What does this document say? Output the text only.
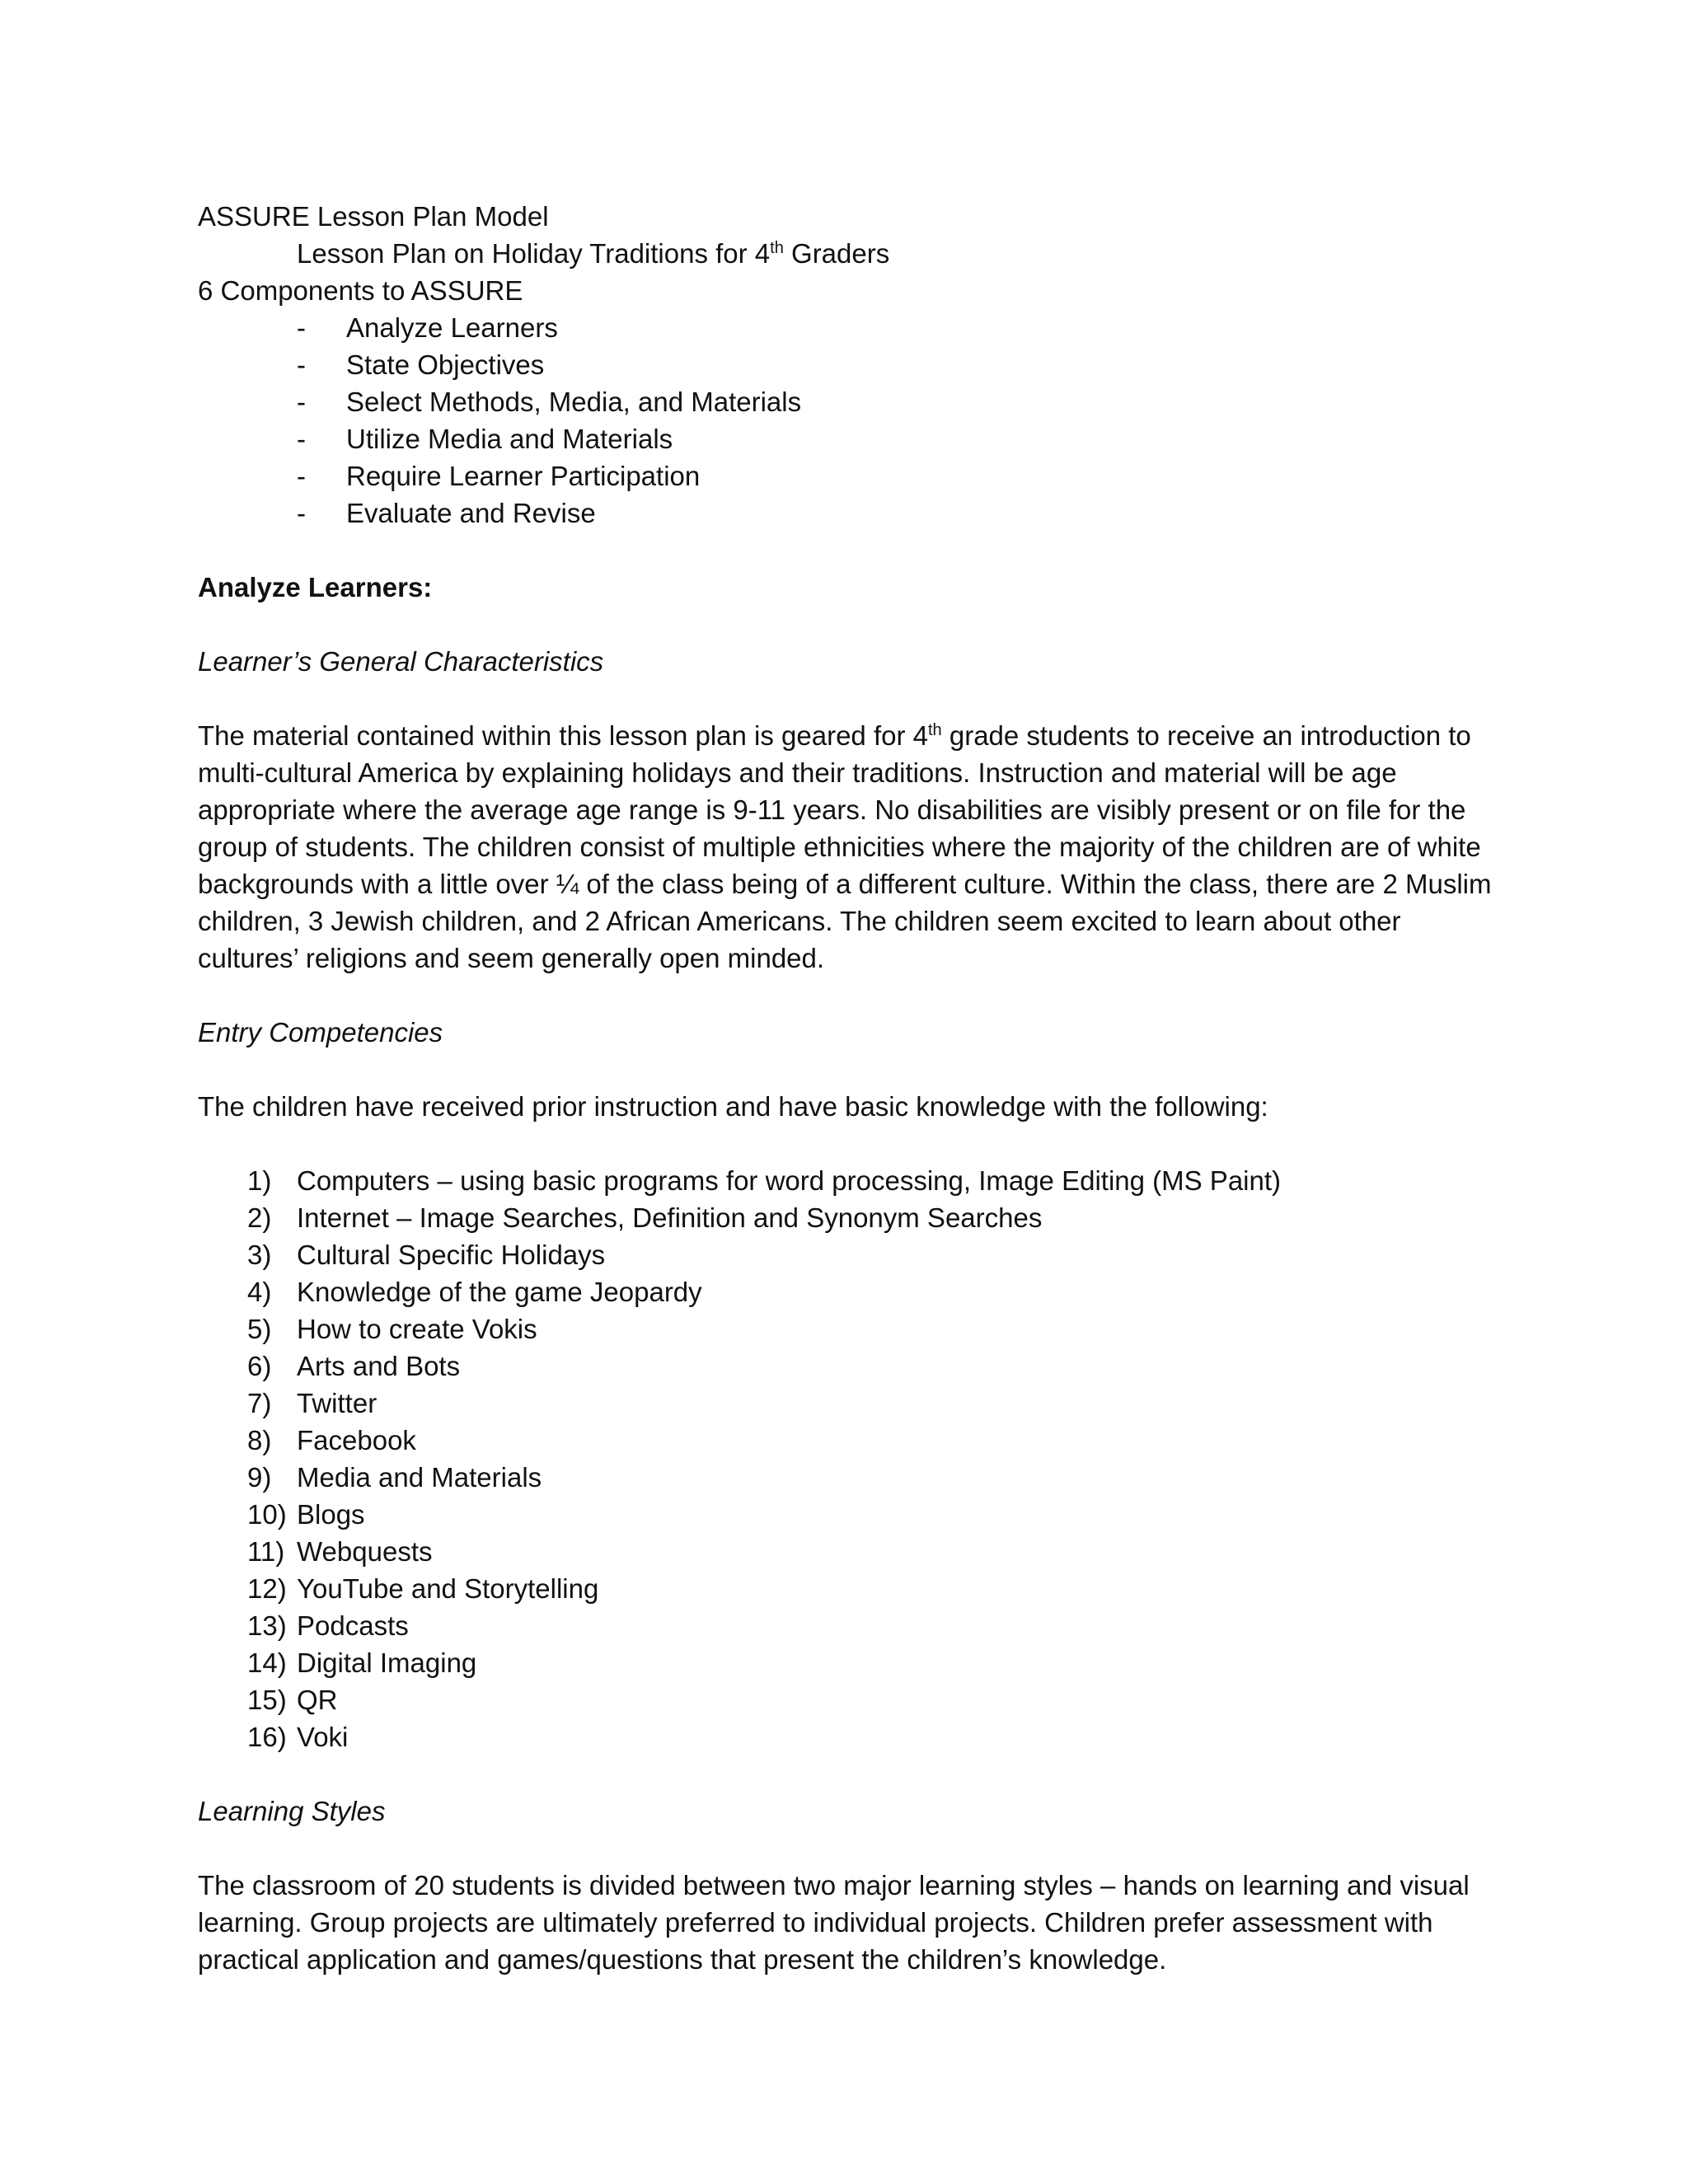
ASSURE Lesson Plan Model
Lesson Plan on Holiday Traditions for 4th Graders
6 Components to ASSURE
-	Analyze Learners
-	State Objectives
-	Select Methods, Media, and Materials
-	Utilize Media and Materials
-	Require Learner Participation
-	Evaluate and Revise
Analyze Learners:
Learner’s General Characteristics

The material contained within this lesson plan is geared for 4th grade students to receive an introduction to multi-cultural America by explaining holidays and their traditions. Instruction and material will be age appropriate where the average age range is 9-11 years. No disabilities are visibly present or on file for the group of students. The children consist of multiple ethnicities where the majority of the children are of white backgrounds with a little over ¼ of the class being of a different culture. Within the class, there are 2 Muslim children, 3 Jewish children, and 2 African Americans. The children seem excited to learn about other cultures’ religions and seem generally open minded.

Entry Competencies
The children have received prior instruction and have basic knowledge with the following:
1) Computers – using basic programs for word processing, Image Editing (MS Paint)
2) Internet – Image Searches, Definition and Synonym Searches
3) Cultural Specific Holidays
4) Knowledge of the game Jeopardy
5) How to create Vokis
6) Arts and Bots
7) Twitter
8) Facebook
9) Media and Materials
10) Blogs
11) Webquests
12) YouTube and Storytelling
13) Podcasts
14) Digital Imaging
15) QR
16) Voki
Learning Styles

The classroom of 20 students is divided between two major learning styles – hands on learning and visual learning. Group projects are ultimately preferred to individual projects. Children prefer assessment with practical application and games/questions that present the children’s knowledge.
